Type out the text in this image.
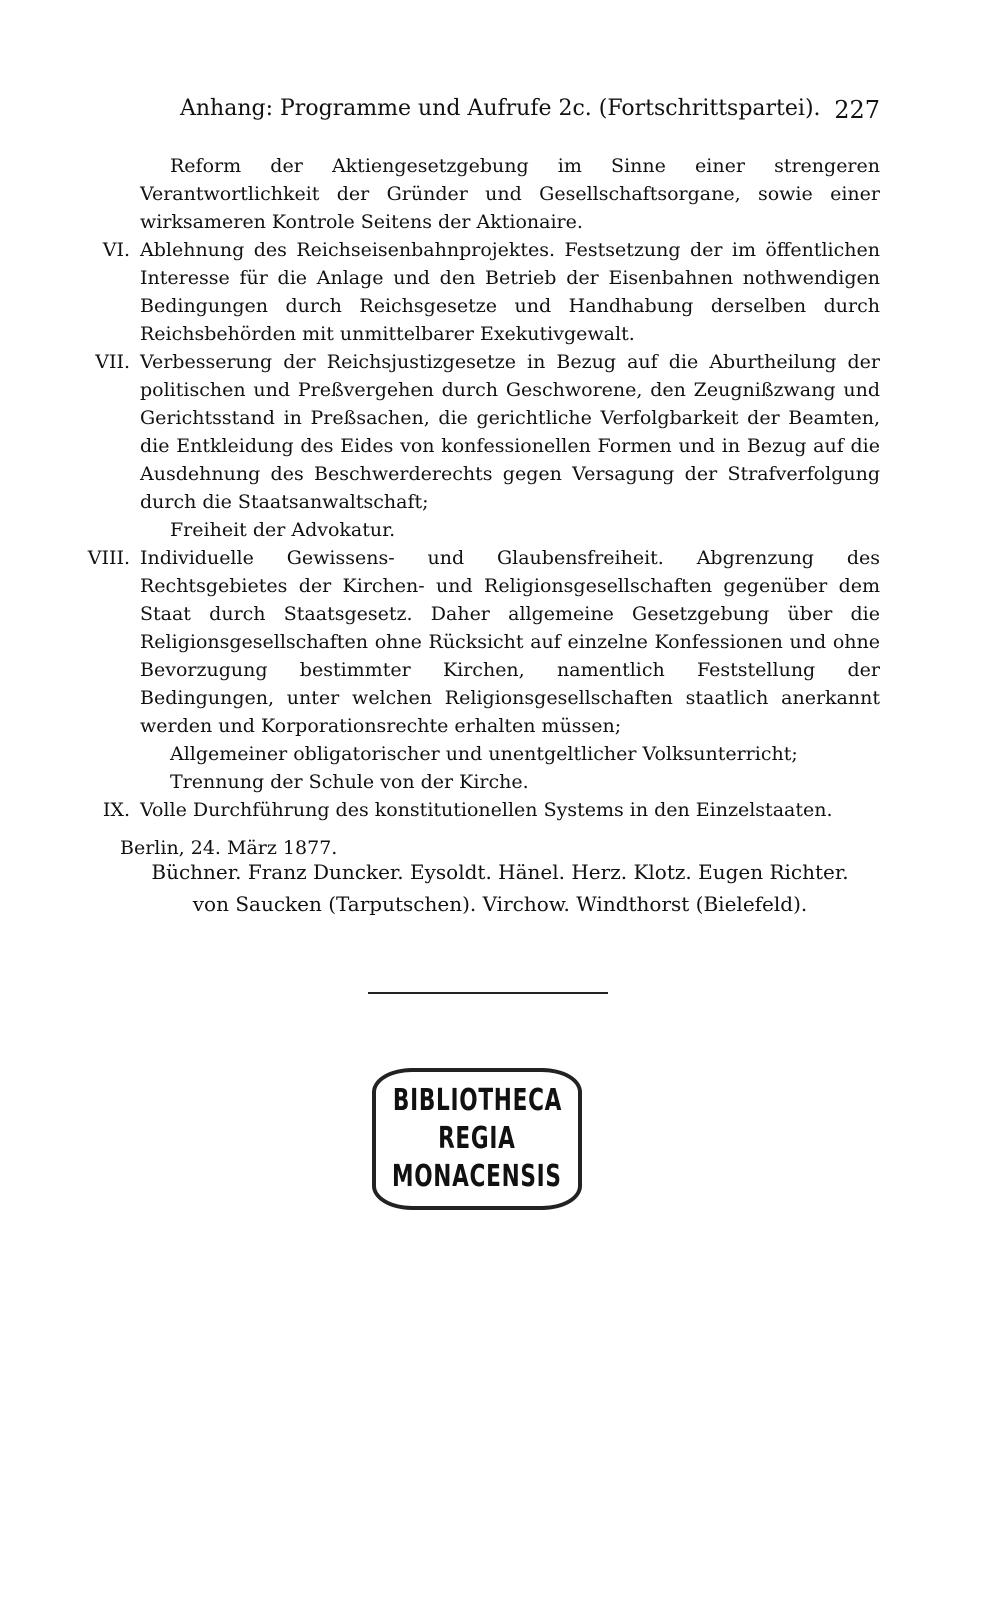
Anhang: Programme und Aufrufe 2c. (Fortschrittspartei). 227

Reform der Aktiengesetzgebung im Sinne einer strengeren Verantwortlichkeit der Gründer und Gesellschaftsorgane, sowie einer wirksameren Kontrole Seitens der Aktionaire.

VI. Ablehnung des Reichseisenbahnprojektes. Festsetzung der im öffentlichen Interesse für die Anlage und den Betrieb der Eisenbahnen nothwendigen Bedingungen durch Reichsgesetze und Handhabung derselben durch Reichsbehörden mit unmittelbarer Exekutivgewalt.
VII. Verbesserung der Reichsjustizgesetze in Bezug auf die Aburtheilung der politischen und Preßvergehen durch Geschworene, den Zeugnißzwang und Gerichtsstand in Preßsachen, die gerichtliche Verfolgbarkeit der Beamten, die Entkleidung des Eides von konfessionellen Formen und in Bezug auf die Ausdehnung des Beschwerderechts gegen Versagung der Strafverfolgung durch die Staatsanwaltschaft;

Freiheit der Advokatur.

VIII. Individuelle Gewissens- und Glaubensfreiheit. Abgrenzung des Rechtsgebietes der Kirchen- und Religionsgesellschaften gegenüber dem Staat durch Staatsgesetz. Daher allgemeine Gesetzgebung über die Religionsgesellschaften ohne Rücksicht auf einzelne Konfessionen und ohne Bevorzugung bestimmter Kirchen, namentlich Feststellung der Bedingungen, unter welchen Religionsgesellschaften staatlich anerkannt werden und Korporationsrechte erhalten müssen;

Allgemeiner obligatorischer und unentgeltlicher Volksunterricht;

Trennung der Schule von der Kirche.

IX. Volle Durchführung des konstitutionellen Systems in den Einzelstaaten.

Berlin, 24. März 1877.

Büchner. Franz Duncker. Eysoldt. Hänel. Herz. Klotz. Eugen Richter.
von Saucken (Tarputschen). Virchow. Windthorst (Bielefeld).
BIBLIOTHECA
REGIA
MONACENSIS
